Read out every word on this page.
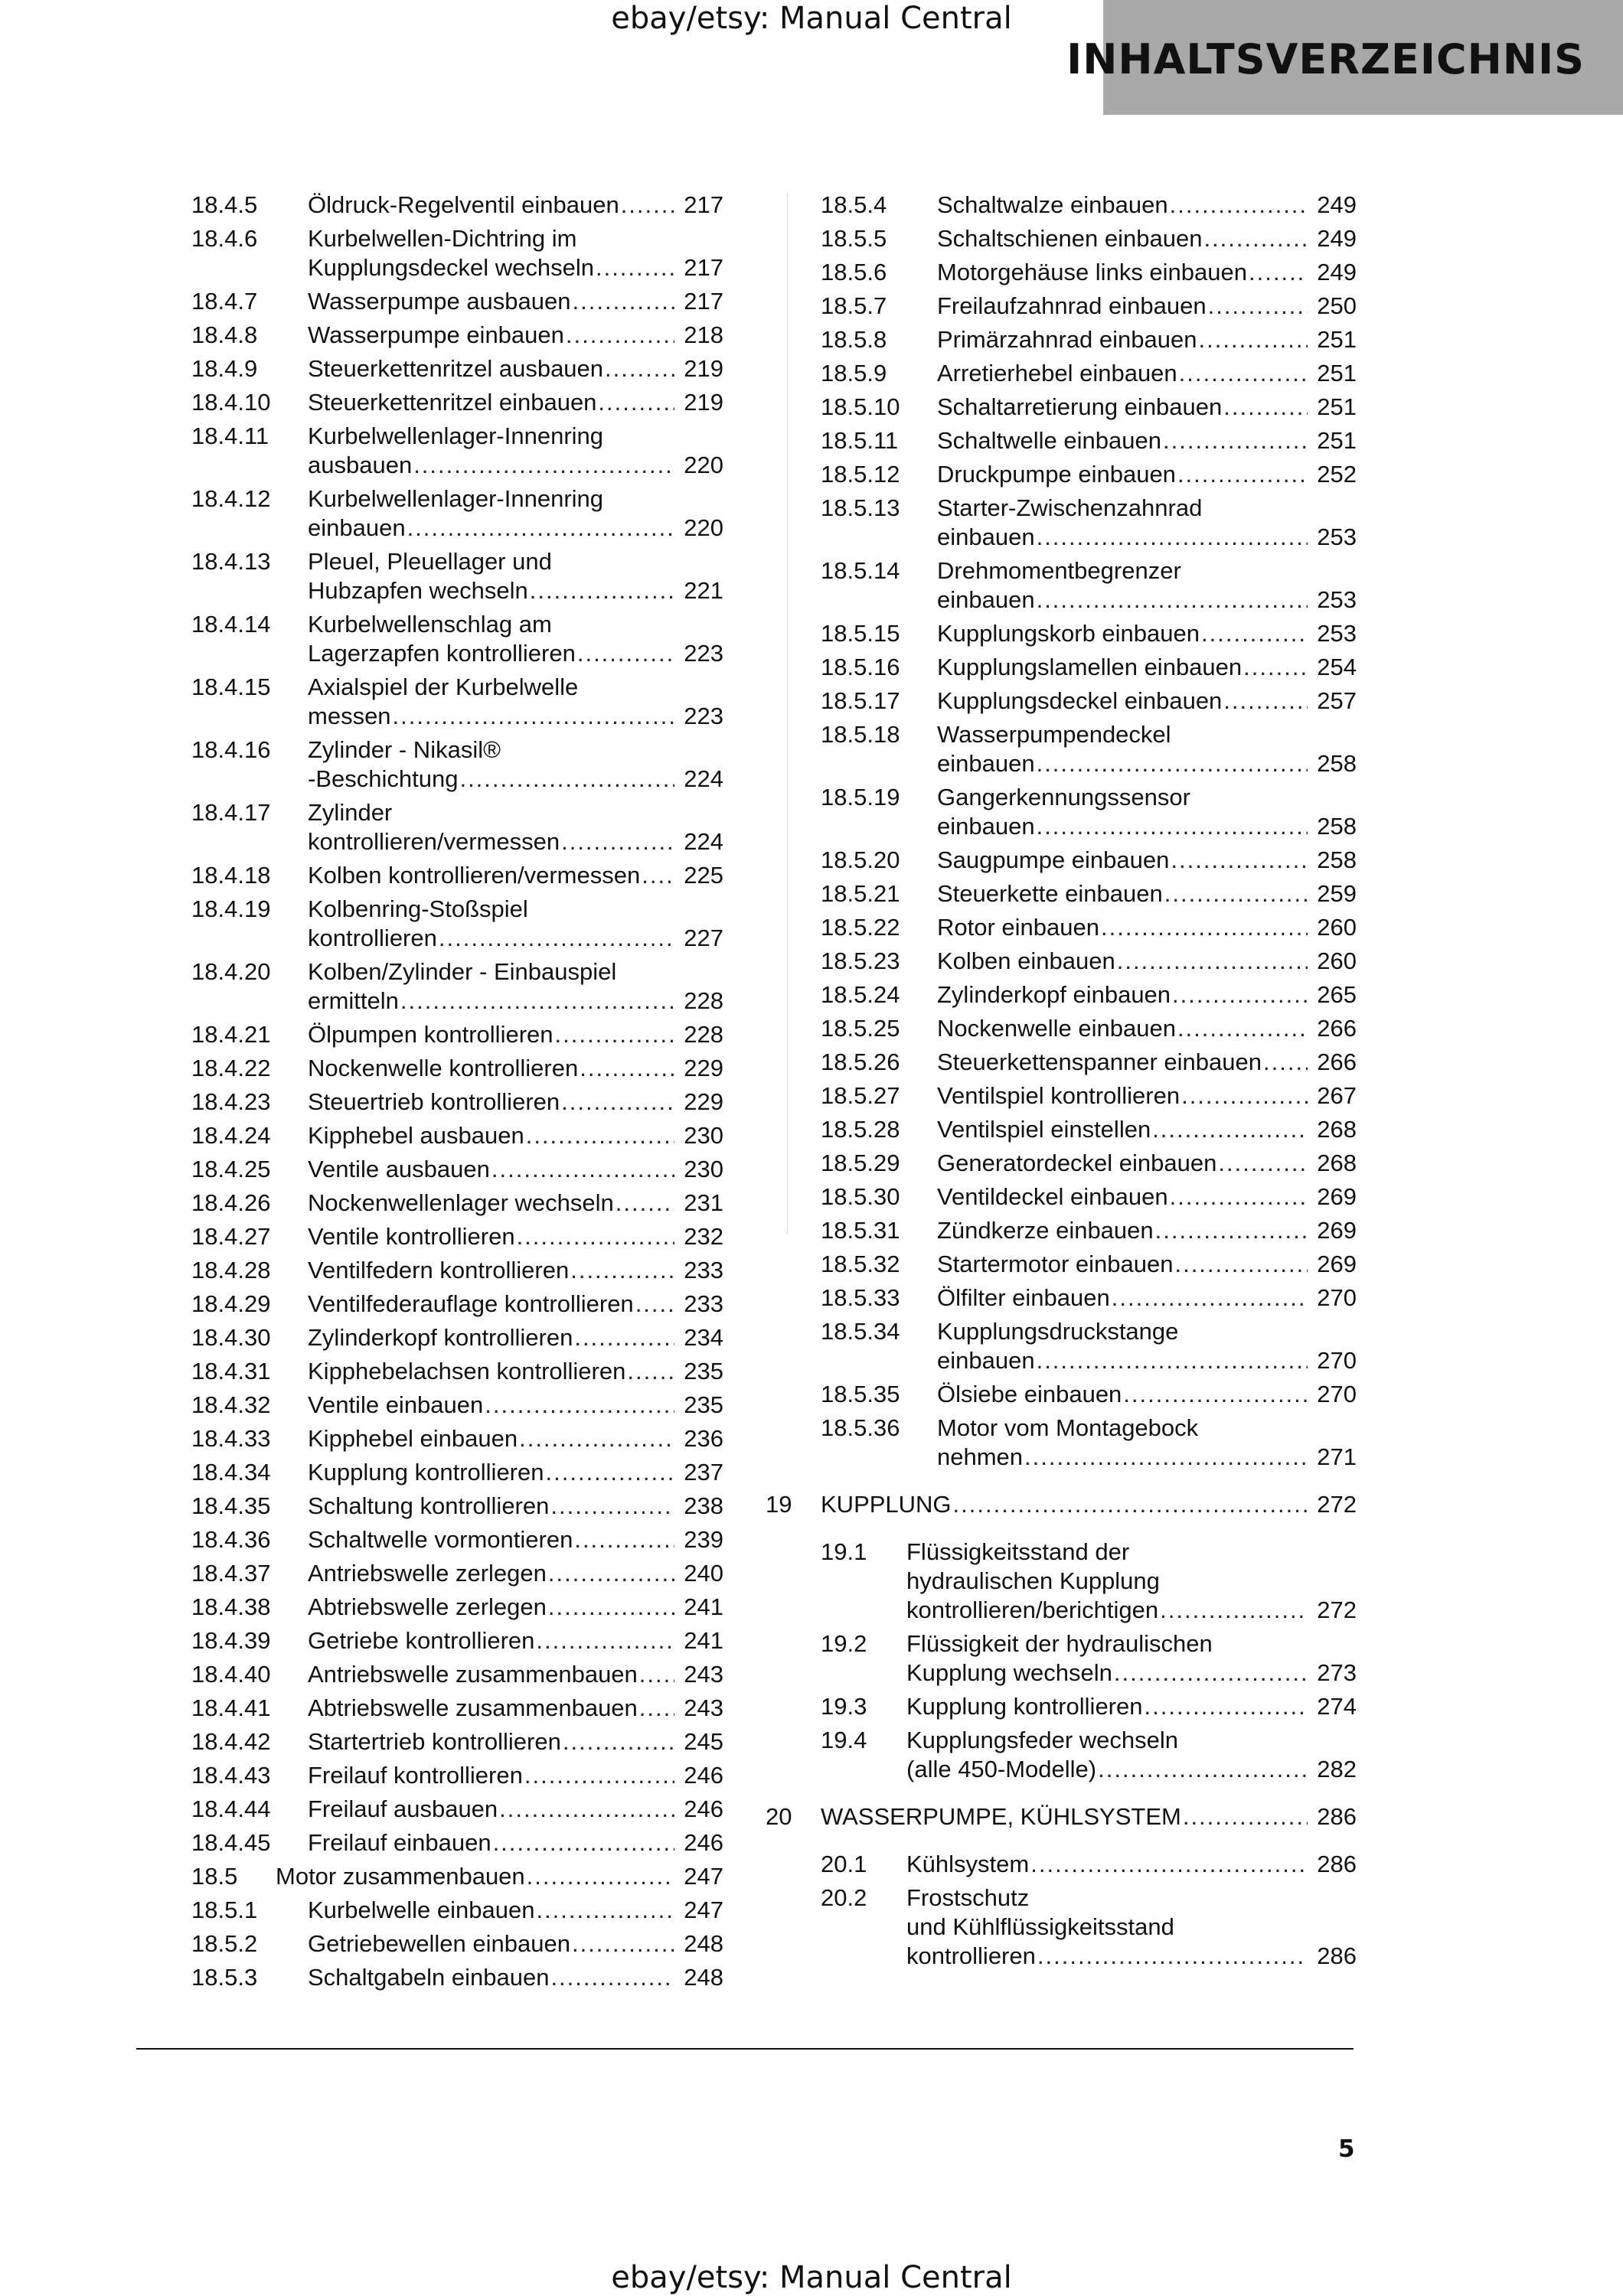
ebay/etsy: Manual Central
INHALTSVERZEICHNIS
18.4.5 Öldruck-Regelventil einbauen .....	217
18.4.6 Kurbelwellen-Dichtring im
Kupplungsdeckel wechseln .....	217
18.4.7 Wasserpumpe ausbauen .....	217
18.4.8 Wasserpumpe einbauen .....	218
18.4.9 Steuerkettenritzel ausbauen .....	219
18.4.10 Steuerkettenritzel einbauen .....	219
18.4.11 Kurbelwellenlager-Innenring
ausbauen .....	220
18.4.12 Kurbelwellenlager-Innenring
einbauen .....	220
18.4.13 Pleuel, Pleuellager und
Hubzapfen wechseln .....	221
18.4.14 Kurbelwellenschlag am
Lagerzapfen kontrollieren .....	223
18.4.15 Axialspiel der Kurbelwelle
messen .....	223
18.4.16 Zylinder - Nikasil®
-Beschichtung .....	224
18.4.17 Zylinder
kontrollieren/vermessen .....	224
18.4.18 Kolben kontrollieren/vermessen ..... 225
18.4.19 Kolbenring-Stoßspiel
kontrollieren .....	227
18.4.20 Kolben/Zylinder - Einbauspiel
ermitteln .....	228
18.4.21 Ölpumpen kontrollieren .....	228
18.4.22 Nockenwelle kontrollieren .....	229
18.4.23 Steuertrieb kontrollieren .....	229
18.4.24 Kipphebel ausbauen .....	230
18.4.25 Ventile ausbauen .....	230
18.4.26 Nockenwellenlager wechseln .....	231
18.4.27 Ventile kontrollieren .....	232
18.4.28 Ventilfedern kontrollieren .....	233
18.4.29 Ventilfederauflage kontrollieren ..... 233
18.4.30 Zylinderkopf kontrollieren .....	234
18.4.31 Kipphebelachsen kontrollieren ..... 235
18.4.32 Ventile einbauen .....	235
18.4.33 Kipphebel einbauen .....	236
18.4.34 Kupplung kontrollieren .....	237
18.4.35 Schaltung kontrollieren .....	238
18.4.36 Schaltwelle vormontieren .....	239
18.4.37 Antriebswelle zerlegen .....	240
18.4.38 Abtriebswelle zerlegen .....	241
18.4.39 Getriebe kontrollieren .....	241
18.4.40 Antriebswelle zusammenbauen ..... 243
18.4.41 Abtriebswelle zusammenbauen ..... 243
18.4.42 Startertrieb kontrollieren .....	245
18.4.43 Freilauf kontrollieren .....	246
18.4.44 Freilauf ausbauen .....	246
18.4.45 Freilauf einbauen .....	246
18.5 Motor zusammenbauen .....	247
18.5.1 Kurbelwelle einbauen .....	247
18.5.2 Getriebewellen einbauen .....	248
18.5.3 Schaltgabeln einbauen .....	248
18.5.4 Schaltwalze einbauen .....	249
18.5.5 Schaltschienen einbauen .....	249
18.5.6 Motorgehäuse links einbauen .....	249
18.5.7 Freilaufzahnrad einbauen .....	250
18.5.8 Primärzahnrad einbauen .....	251
18.5.9 Arretierhebel einbauen .....	251
18.5.10 Schaltarretierung einbauen .....	251
18.5.11 Schaltwelle einbauen .....	251
18.5.12 Druckpumpe einbauen .....	252
18.5.13 Starter-Zwischenzahnrad
einbauen .....	253
18.5.14 Drehmomentbegrenzer
einbauen .....	253
18.5.15 Kupplungskorb einbauen .....	253
18.5.16 Kupplungslamellen einbauen .....	254
18.5.17 Kupplungsdeckel einbauen .....	257
18.5.18 Wasserpumpendeckel
einbauen .....	258
18.5.19 Gangerkennungssensor
einbauen .....	258
18.5.20 Saugpumpe einbauen .....	258
18.5.21 Steuerkette einbauen .....	259
18.5.22 Rotor einbauen .....	260
18.5.23 Kolben einbauen .....	260
18.5.24 Zylinderkopf einbauen .....	265
18.5.25 Nockenwelle einbauen .....	266
18.5.26 Steuerkettenspanner einbauen ..... 266
18.5.27 Ventilspiel kontrollieren .....	267
18.5.28 Ventilspiel einstellen .....	268
18.5.29 Generatordeckel einbauen .....	268
18.5.30 Ventildeckel einbauen .....	269
18.5.31 Zündkerze einbauen .....	269
18.5.32 Startermotor einbauen .....	269
18.5.33 Ölfilter einbauen .....	270
18.5.34 Kupplungsdruckstange
einbauen .....	270
18.5.35 Ölsiebe einbauen .....	270
18.5.36 Motor vom Montagebock
nehmen .....	271
19 KUPPLUNG .....	272
19.1 Flüssigkeitsstand der
hydraulischen Kupplung
kontrollieren/berichtigen .....	272
19.2 Flüssigkeit der hydraulischen
Kupplung wechseln .....	273
19.3 Kupplung kontrollieren .....	274
19.4 Kupplungsfeder wechseln
(alle 450-Modelle) .....	282
20 WASSERPUMPE, KÜHLSYSTEM .....	286
20.1 Kühlsystem .....	286
20.2 Frostschutz
und Kühlflüssigkeitsstand
kontrollieren .....	286
5
ebay/etsy: Manual Central
